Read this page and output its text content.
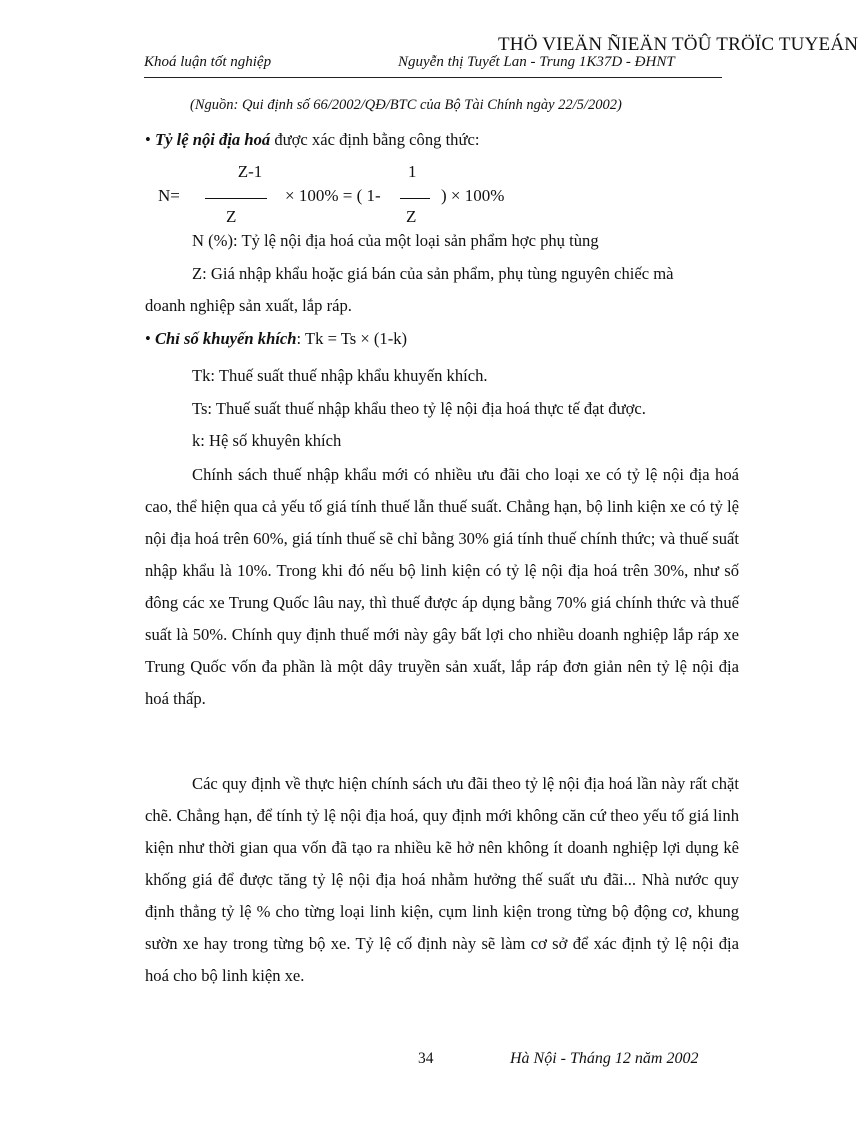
THÖ VIEÄN ÑIEÄN TÖÛ TRÖÏC TUYEÁN
Khoá luận tốt nghiệp	Nguyễn thị Tuyết Lan - Trung 1K37D - ĐHNT
(Nguồn: Qui định số 66/2002/QĐ/BTC của Bộ Tài Chính ngày 22/5/2002)
• Tỷ lệ nội địa hoá được xác định bằng công thức:
N=
Z-1
Z
× 100% = ( 1-
1
Z
) × 100%
N (%): Tỷ lệ nội địa hoá của một loại sản phẩm hợc phụ tùng
Z: Giá nhập khẩu hoặc giá bán của sản phẩm, phụ tùng nguyên chiếc mà
doanh nghiệp sản xuất, lắp ráp.
• Chỉ số khuyến khích: Tk = Ts × (1-k)
Tk: Thuế suất thuế nhập khẩu khuyến khích.
Ts: Thuế suất thuế nhập khẩu theo tỷ lệ nội địa hoá thực tế đạt được.
k: Hệ số khuyên khích

Chính sách thuế nhập khẩu mới có nhiều ưu đãi cho loại xe có tỷ lệ nội địa hoá cao, thể hiện qua cả yếu tố giá tính thuế lẫn thuế suất. Chẳng hạn, bộ linh kiện xe có tỷ lệ nội địa hoá trên 60%, giá tính thuế sẽ chỉ bằng 30% giá tính thuế chính thức; và thuế suất nhập khẩu là 10%. Trong khi đó nếu bộ linh kiện có tỷ lệ nội địa hoá trên 30%, như số đông các xe Trung Quốc lâu nay, thì thuế được áp dụng bằng 70% giá chính thức và thuế suất là 50%. Chính quy định thuế mới này gây bất lợi cho nhiều doanh nghiệp lắp ráp xe Trung Quốc vốn đa phần là một dây truyền sản xuất, lắp ráp đơn giản nên tỷ lệ nội địa hoá thấp.

Các quy định về thực hiện chính sách ưu đãi theo tỷ lệ nội địa hoá lần này rất chặt chẽ. Chẳng hạn, để tính tỷ lệ nội địa hoá, quy định mới không căn cứ theo yếu tố giá linh kiện như thời gian qua vốn đã tạo ra nhiều kẽ hở nên không ít doanh nghiệp lợi dụng kê khống giá để được tăng tỷ lệ nội địa hoá nhằm hưởng thế suất ưu đãi... Nhà nước quy định thẳng tỷ lệ % cho từng loại linh kiện, cụm linh kiện trong từng bộ động cơ, khung sườn xe hay trong từng bộ xe. Tỷ lệ cố định này sẽ làm cơ sở để xác định tỷ lệ nội địa hoá cho bộ linh kiện xe.

34	Hà Nội - Tháng 12 năm 2002
